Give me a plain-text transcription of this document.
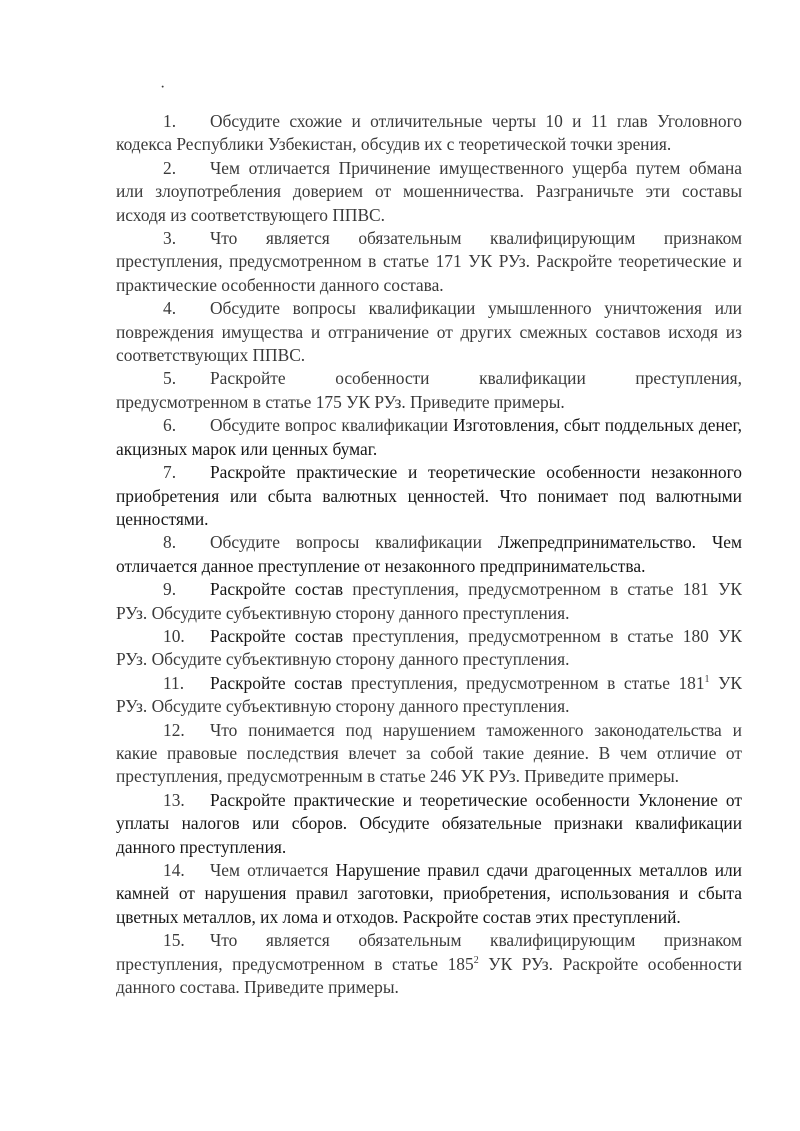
·

1. Обсудите схожие и отличительные черты 10 и 11 глав Уголовного кодекса Республики Узбекистан, обсудив их с теоретической точки зрения.

2. Чем отличается Причинение имущественного ущерба путем обмана или злоупотребления доверием от мошенничества. Разграничьте эти составы исходя из соответствующего ППВС.

3. Что является обязательным квалифицирующим признаком преступления, предусмотренном в статье 171 УК РУз. Раскройте теоретические и практические особенности данного состава.

4. Обсудите вопросы квалификации умышленного уничтожения или повреждения имущества и отграничение от других смежных составов исходя из соответствующих ППВС.

5. Раскройте особенности квалификации преступления, предусмотренном в статье 175 УК РУз. Приведите примеры.

6. Обсудите вопрос квалификации Изготовления, сбыт поддельных денег, акцизных марок или ценных бумаг.

7. Раскройте практические и теоретические особенности незаконного приобретения или сбыта валютных ценностей. Что понимает под валютными ценностями.

8. Обсудите вопросы квалификации Лжепредпринимательство. Чем отличается данное преступление от незаконного предпринимательства.

9. Раскройте состав преступления, предусмотренном в статье 181 УК РУз. Обсудите субъективную сторону данного преступления.

10. Раскройте состав преступления, предусмотренном в статье 180 УК РУз. Обсудите субъективную сторону данного преступления.

11. Раскройте состав преступления, предусмотренном в статье $181^1$ УК РУз. Обсудите субъективную сторону данного преступления.

12. Что понимается под нарушением таможенного законодательства и какие правовые последствия влечет за собой такие деяние. В чем отличие от преступления, предусмотренным в статье 246 УК РУз. Приведите примеры.

13. Раскройте практические и теоретические особенности Уклонение от уплаты налогов или сборов. Обсудите обязательные признаки квалификации данного преступления.

14. Чем отличается Нарушение правил сдачи драгоценных металлов или камней от нарушения правил заготовки, приобретения, использования и сбыта цветных металлов, их лома и отходов. Раскройте состав этих преступлений.

15. Что является обязательным квалифицирующим признаком преступления, предусмотренном в статье $185^2$ УК РУз. Раскройте особенности данного состава. Приведите примеры.
